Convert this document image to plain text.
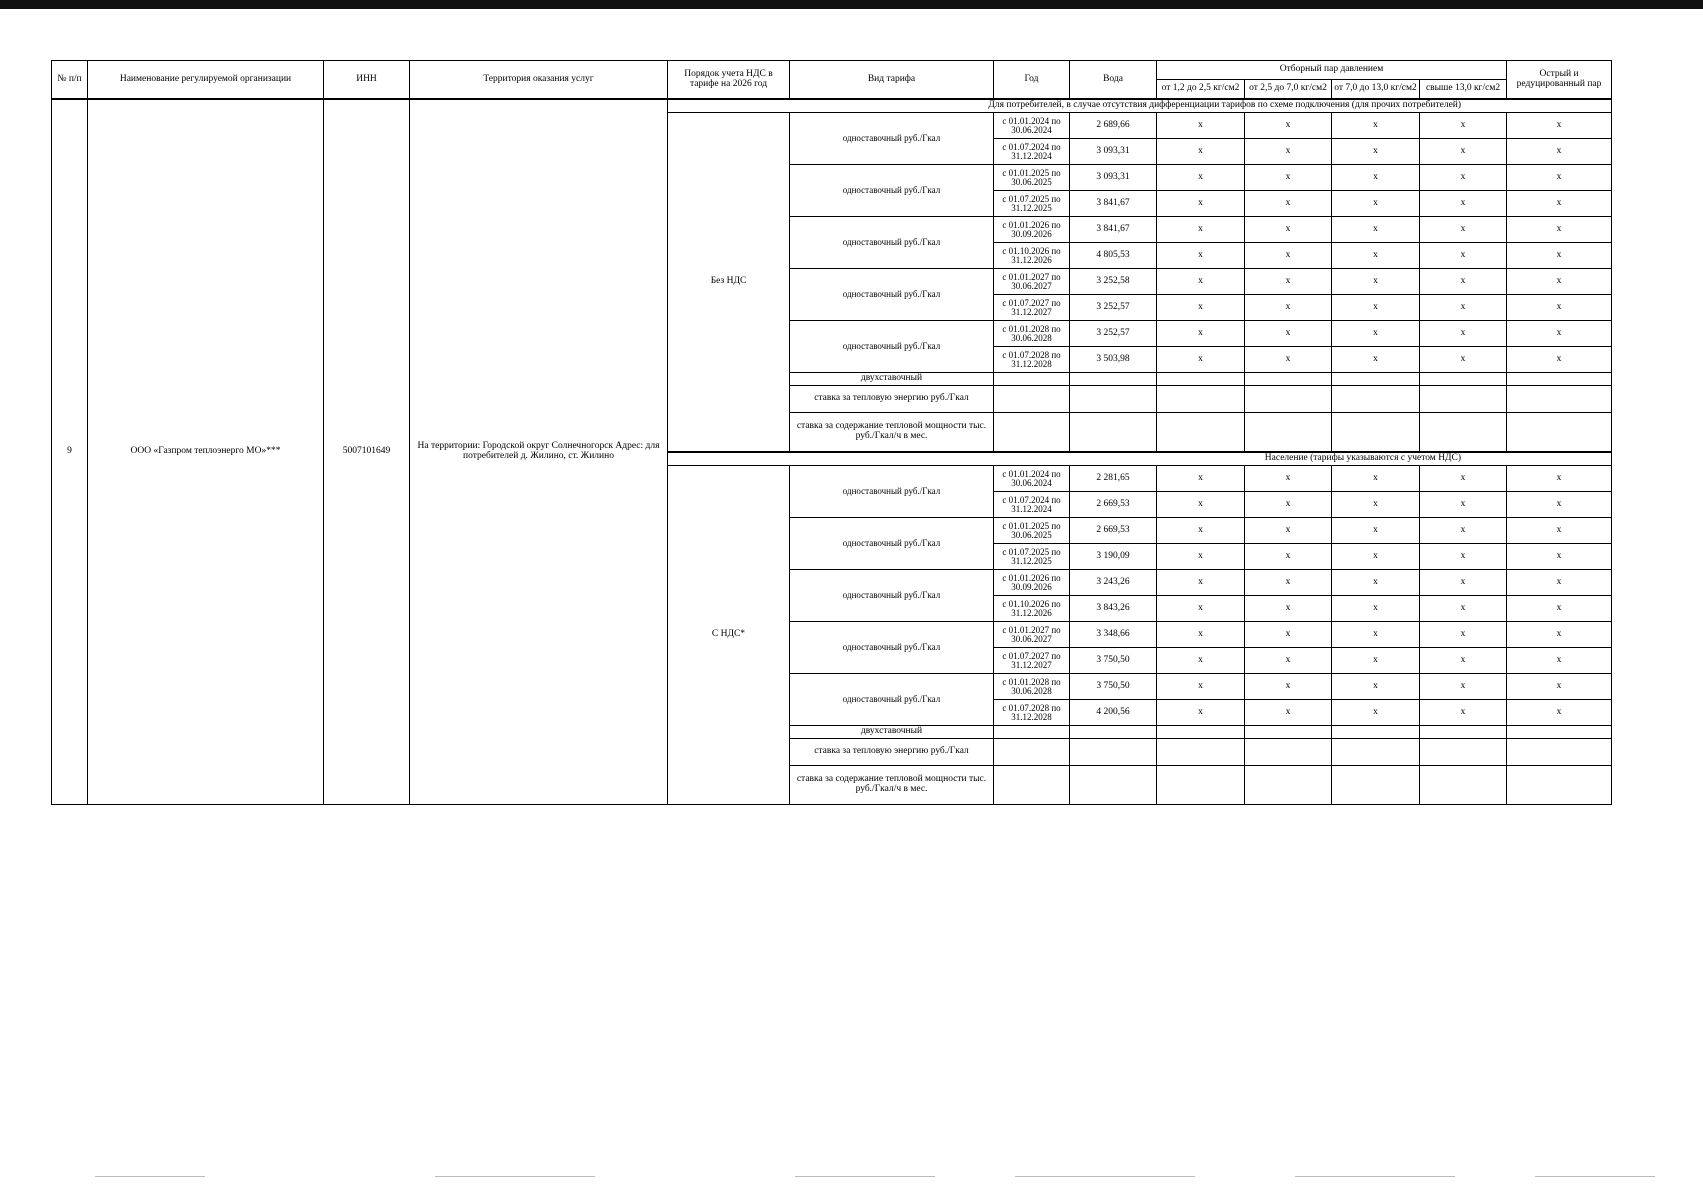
№ п/п	Наименование регулируемой организации	ИНН	Территория оказания услуг	Порядок учета НДС в тарифе на 2026 год	Вид тарифа	Год	Вода	Отборный пар давлением				Острый и редуцированный пар
								от 1,2 до 2,5 кг/см2	от 2,5 до 7,0 кг/см2	от 7,0 до 13,0 кг/см2	свыше 13,0 кг/см2	
9	ООО «Газпром теплоэнерго МО»***	5007101649	На территории: Городской округ Солнечногорск Адрес: для потребителей д. Жилино, ст. Жилино	Для потребителей, в случае отсутствия дифференциации тарифов по схеме подключения (для прочих потребителей)								
				Без НДС	одноставочный руб./Гкал	с 01.01.2024 по 30.06.2024	2 689,66	x	x	x	x	x
						с 01.07.2024 по 31.12.2024	3 093,31	x	x	x	x	x
					одноставочный руб./Гкал	с 01.01.2025 по 30.06.2025	3 093,31	x	x	x	x	x
						с 01.07.2025 по 31.12.2025	3 841,67	x	x	x	x	x
					одноставочный руб./Гкал	с 01.01.2026 по 30.09.2026	3 841,67	x	x	x	x	x
						с 01.10.2026 по 31.12.2026	4 805,53	x	x	x	x	x
					одноставочный руб./Гкал	с 01.01.2027 по 30.06.2027	3 252,58	x	x	x	x	x
						с 01.07.2027 по 31.12.2027	3 252,57	x	x	x	x	x
					одноставочный руб./Гкал	с 01.01.2028 по 30.06.2028	3 252,57	x	x	x	x	x
						с 01.07.2028 по 31.12.2028	3 503,98	x	x	x	x	x
					двухставочный							
					ставка за тепловую энергию руб./Гкал							
					ставка за содержание тепловой мощности тыс. руб./Гкал/ч в мес.							
				Население (тарифы указываются с учетом НДС)								
				С НДС*	одноставочный руб./Гкал	с 01.01.2024 по 30.06.2024	2 281,65	x	x	x	x	x
						с 01.07.2024 по 31.12.2024	2 669,53	x	x	x	x	x
					одноставочный руб./Гкал	с 01.01.2025 по 30.06.2025	2 669,53	x	x	x	x	x
						с 01.07.2025 по 31.12.2025	3 190,09	x	x	x	x	x
					одноставочный руб./Гкал	с 01.01.2026 по 30.09.2026	3 243,26	x	x	x	x	x
						с 01.10.2026 по 31.12.2026	3 843,26	x	x	x	x	x
					одноставочный руб./Гкал	с 01.01.2027 по 30.06.2027	3 348,66	x	x	x	x	x
						с 01.07.2027 по 31.12.2027	3 750,50	x	x	x	x	x
					одноставочный руб./Гкал	с 01.01.2028 по 30.06.2028	3 750,50	x	x	x	x	x
						с 01.07.2028 по 31.12.2028	4 200,56	x	x	x	x	x
					двухставочный							
					ставка за тепловую энергию руб./Гкал							
					ставка за содержание тепловой мощности тыс. руб./Гкал/ч в мес.							
